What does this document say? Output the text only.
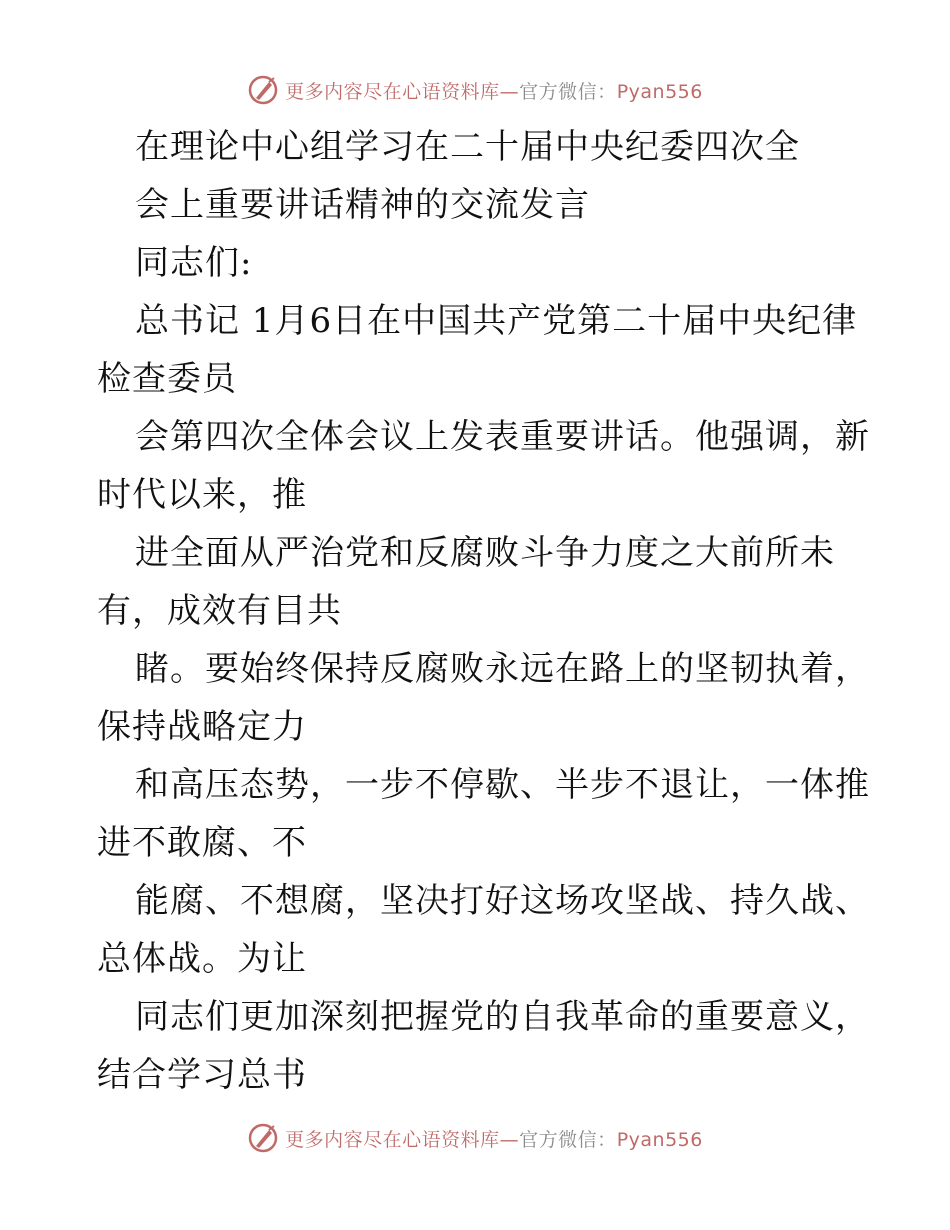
更多内容尽在心语资料库—官方微信：Pyan556
在理论中心组学习在二十届中央纪委四次全
会上重要讲话精神的交流发言
同志们:
总书记 1月6日在中国共产党第二十届中央纪律
检查委员
会第四次全体会议上发表重要讲话。他强调，新
时代以来，推
进全面从严治党和反腐败斗争力度之大前所未
有，成效有目共
睹。要始终保持反腐败永远在路上的坚韧执着，
保持战略定力
和高压态势，一步不停歇、半步不退让，一体推
进不敢腐、不
能腐、不想腐，坚决打好这场攻坚战、持久战、
总体战。为让
同志们更加深刻把握党的自我革命的重要意义，
结合学习总书
更多内容尽在心语资料库—官方微信：Pyan556
